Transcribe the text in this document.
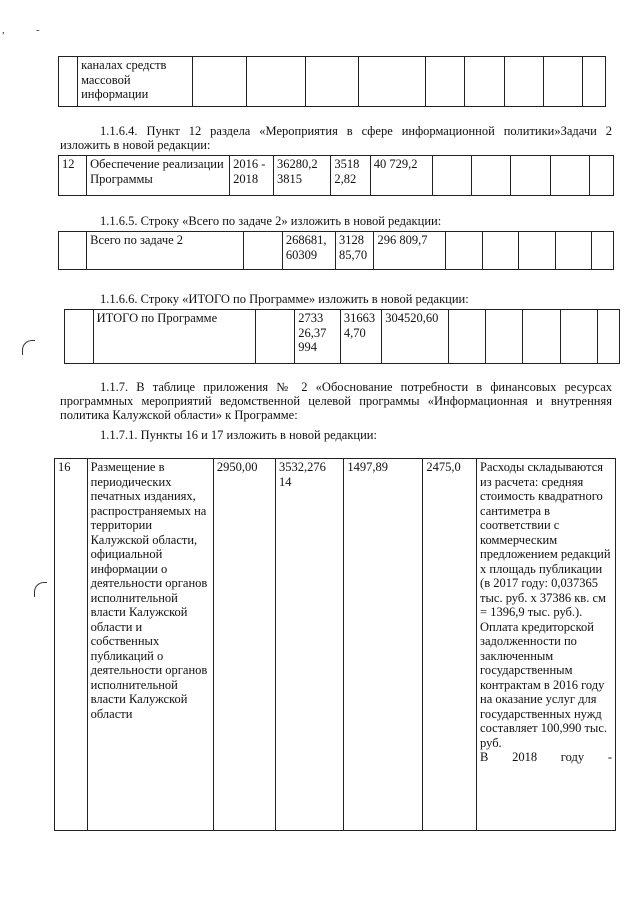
,	-

каналах средств
массовой
информации

1.1.6.4. Пункт 12 раздела «Мероприятия в сфере информационной политики»Задачи 2 изложить в новой редакции:
12	Обеспечение реализации Программы	2016 - 2018	36280,2 3815	3518 2,82	40 729,2					
1.1.6.5. Строку «Всего по задаче 2» изложить в новой редакции:
	Всего по задаче 2		268681, 60309	3128 85,70	296 809,7					
1.1.6.6. Строку «ИТОГО по Программе» изложить в новой редакции:
	ИТОГО по Программе		2733 26,37 994	31663 4,70	304520,60					
1.1.7. В таблице приложения № 2 «Обоснование потребности в финансовых ресурсах программных мероприятий ведомственной целевой программы «Информационная и внутренняя политика Калужской области» к Программе:
1.1.7.1. Пункты 16 и 17 изложить в новой редакции:
16	Размещение в периодических печатных изданиях, распространяемых на территории Калужской области, официальной информации о деятельности органов исполнительной власти Калужской области и собственных публикаций о деятельности органов исполнительной власти Калужской области	2950,00	3532,276 14	1497,89	2475,0	Расходы складываются из расчета: средняя стоимость квадратного сантиметра в соответствии с коммерческим предложением редакций х площадь публикации (в 2017 году: 0,037365 тыс. руб. х 37386 кв. см = 1396,9 тыс. руб.). Оплата кредиторской задолженности по заключенным государственным контрактам в 2016 году на оказание услуг для государственных нужд составляет 100,990 тыс. руб.
В 2018 году -
